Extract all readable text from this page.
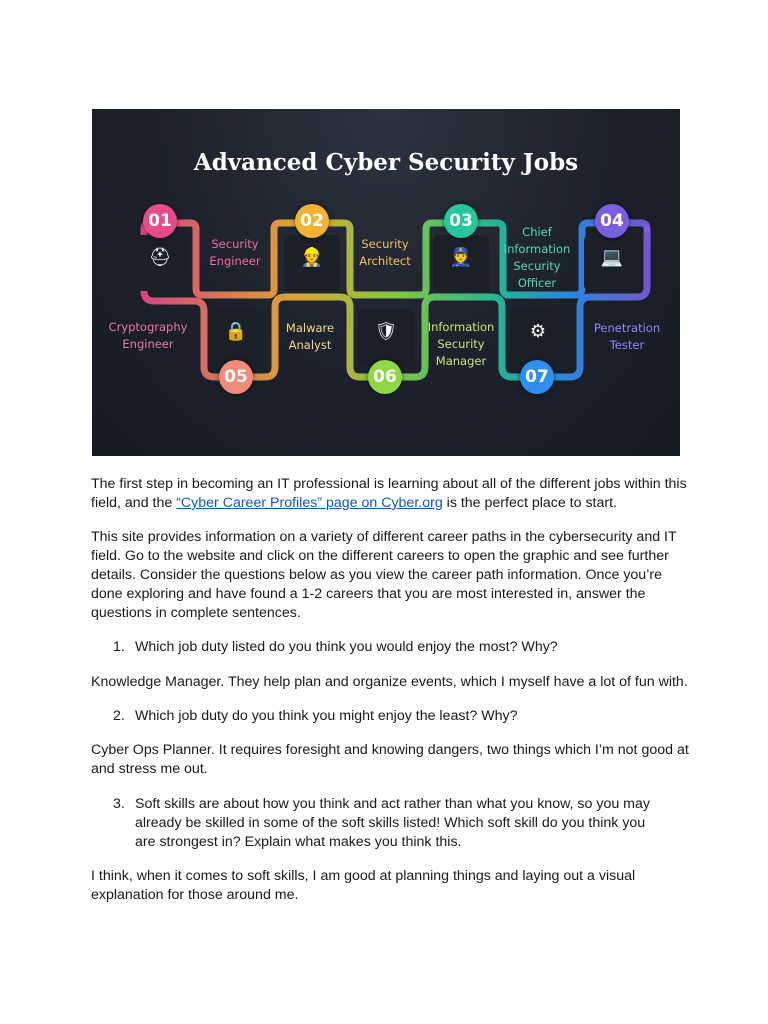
Advanced Cyber Security Jobs
01	02	03	04
05	06	07
⛑	👷	👮	💻
🔒	🛡	⚙
Security
Engineer
Security
Architect
Chief
Information
Security
Officer
Cryptography
Engineer
Malware
Analyst
Information
Security
Manager
Penetration
Tester

The first step in becoming an IT professional is learning about all of the different jobs within this field, and the “Cyber Career Profiles” page on Cyber.org is the perfect place to start.

This site provides information on a variety of different career paths in the cybersecurity and IT field. Go to the website and click on the different careers to open the graphic and see further details. Consider the questions below as you view the career path information. Once you’re done exploring and have found a 1-2 careers that you are most interested in, answer the questions in complete sentences.

1. Which job duty listed do you think you would enjoy the most? Why?

Knowledge Manager. They help plan and organize events, which I myself have a lot of fun with.

2. Which job duty do you think you might enjoy the least? Why?

Cyber Ops Planner. It requires foresight and knowing dangers, two things which I’m not good at and stress me out.

3. Soft skills are about how you think and act rather than what you know, so you may already be skilled in some of the soft skills listed! Which soft skill do you think you are strongest in? Explain what makes you think this.

I think, when it comes to soft skills, I am good at planning things and laying out a visual explanation for those around me.
